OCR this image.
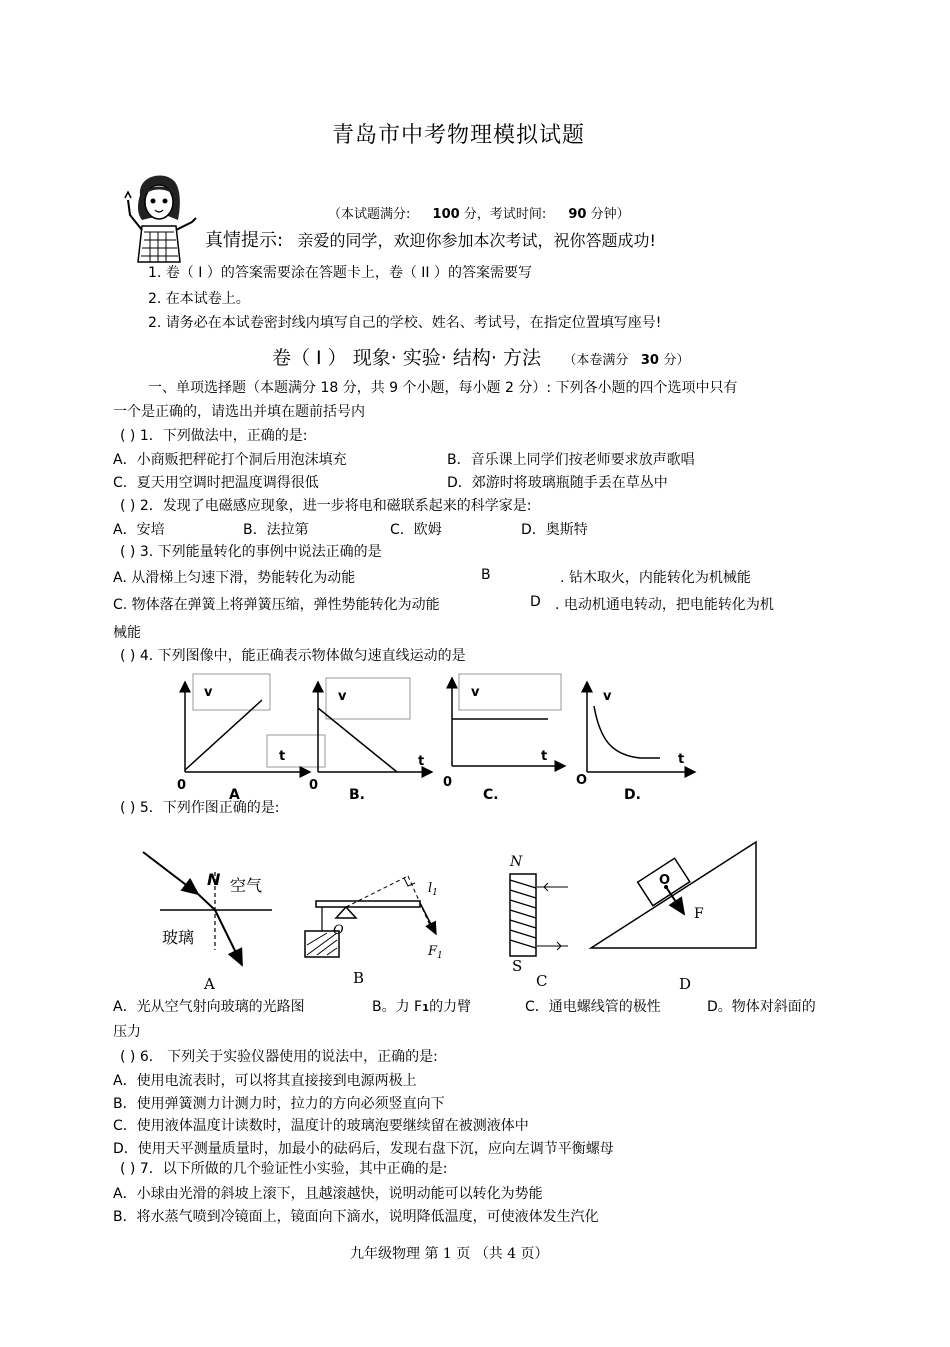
青岛市中考物理模拟试题
（本试题满分: 100 分，考试时间: 90 分钟）
真情提示: 亲爱的同学，欢迎你参加本次考试，祝你答题成功!
1. 卷（ I ）的答案需要涂在答题卡上，卷（ II ）的答案需要写
2. 在本试卷上。
2. 请务必在本试卷密封线内填写自己的学校、姓名、考试号，在指定位置填写座号!
卷（ I ） 现象· 实验· 结构· 方法 （本卷满分 30 分）
一、单项选择题（本题满分 18 分，共 9 个小题，每小题 2 分）: 下列各小题的四个选项中只有
一个是正确的，请选出并填在题前括号内
( ) 1．下列做法中，正确的是:
A．小商贩把秤砣打个洞后用泡沫填充	B．音乐课上同学们按老师要求放声歌唱
C．夏天用空调时把温度调得很低	D．郊游时将玻璃瓶随手丢在草丛中
( ) 2．发现了电磁感应现象，进一步将电和磁联系起来的科学家是:
A．安培	B．法拉第	C．欧姆	D．奥斯特
( ) 3. 下列能量转化的事例中说法正确的是
A. 从滑梯上匀速下滑，势能转化为动能	B	. 钻木取火，内能转化为机械能
C. 物体落在弹簧上将弹簧压缩，弹性势能转化为动能	D . 电动机通电转动，把电能转化为机
械能
( ) 4. 下列图像中，能正确表示物体做匀速直线运动的是
v
t
0
A
v
t
0
B.
v
t
0
C.
v
t
O
D.
( ) 5．下列作图正确的是:
N 空气
玻璃
A
$l_1$
$F_1$
O
B
N
S
C
O
F
D
A．光从空气射向玻璃的光路图	B。力 F1的力臂	C．通电螺线管的极性	D。物体对斜面的
压力
( ) 6． 下列关于实验仪器使用的说法中，正确的是:
A．使用电流表时，可以将其直接接到电源两极上
B．使用弹簧测力计测力时，拉力的方向必须竖直向下
C．使用液体温度计读数时，温度计的玻璃泡要继续留在被测液体中
D．使用天平测量质量时，加最小的砝码后，发现右盘下沉，应向左调节平衡螺母
( ) 7．以下所做的几个验证性小实验，其中正确的是:
A．小球由光滑的斜坡上滚下，且越滚越快，说明动能可以转化为势能
B．将水蒸气喷到冷镜面上，镜面向下滴水，说明降低温度，可使液体发生汽化
九年级物理 第 1 页 （共 4 页）
